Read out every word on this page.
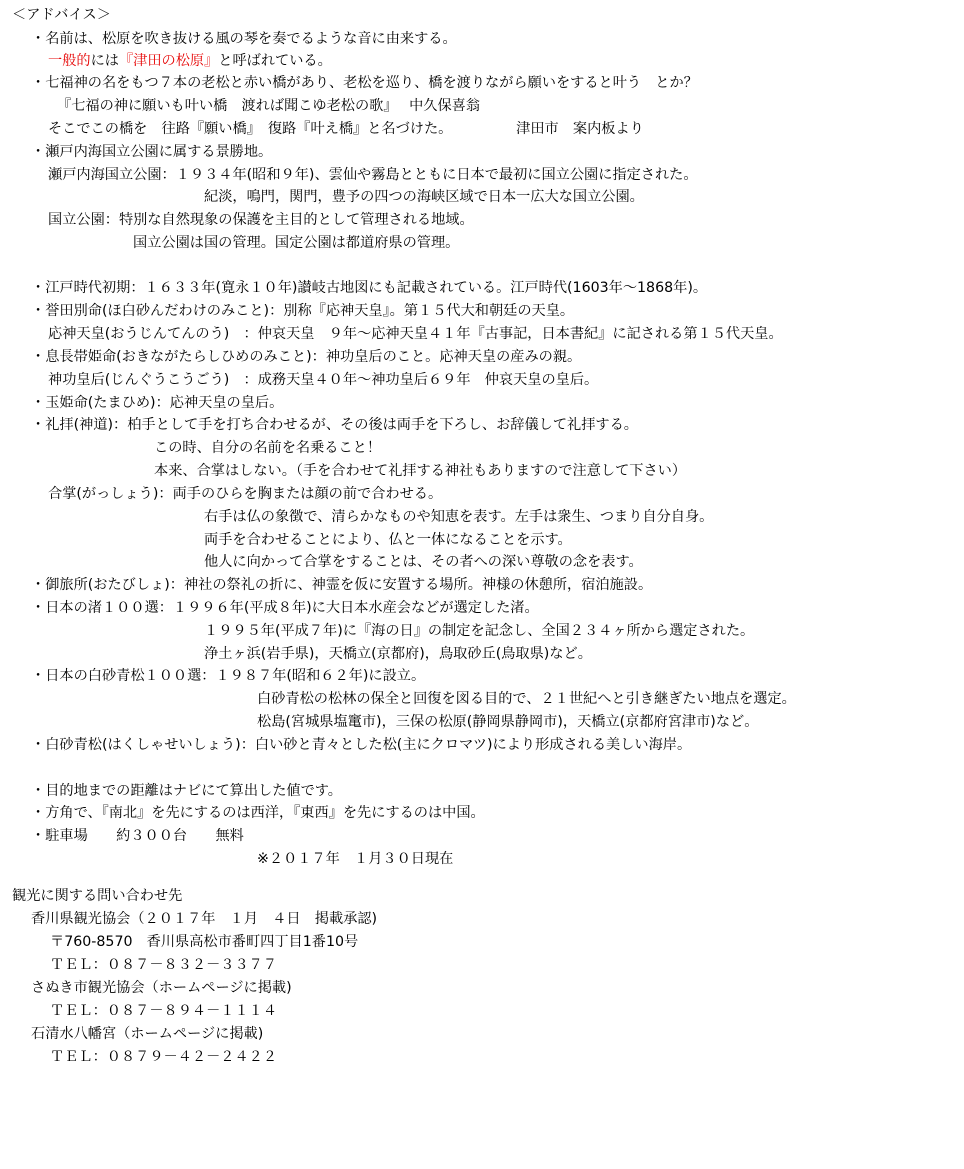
＜アドバイス＞
・名前は、松原を吹き抜ける風の琴を奏でるような音に由来する。
一般的には『津田の松原』と呼ばれている。
・七福神の名をもつ７本の老松と赤い橋があり、老松を巡り、橋を渡りながら願いをすると叶う　とか？
『七福の神に願いも叶い橋　渡れば聞こゆ老松の歌』　 中久保喜翁
そこでこの橋を　往路『願い橋』　復路『叶え橋』と名づけた。　　　　　津田市　案内板より
・瀬戸内海国立公園に属する景勝地。
瀬戸内海国立公園：１９３４年(昭和９年)、雲仙や霧島とともに日本で最初に国立公園に指定された。
紀淡，鳴門，関門，豊予の四つの海峡区域で日本一広大な国立公園。
国立公園：特別な自然現象の保護を主目的として管理される地域。
国立公園は国の管理。国定公園は都道府県の管理。
・江戸時代初期：１６３３年(寛永１０年)讃岐古地図にも記載されている。江戸時代(1603年～1868年)。
・誉田別命(ほ白砂んだわけのみこと)：別称『応神天皇』。第１５代大和朝廷の天皇。
応神天皇(おうじんてんのう)　：仲哀天皇　９年～応神天皇４１年『古事記，日本書紀』に記される第１５代天皇。
・息長帯姫命(おきながたらしひめのみこと)：神功皇后のこと。応神天皇の産みの親。
神功皇后(じんぐうこうごう)　：成務天皇４０年～神功皇后６９年　仲哀天皇の皇后。
・玉姫命(たまひめ)：応神天皇の皇后。
・礼拝(神道)：柏手として手を打ち合わせるが、その後は両手を下ろし、お辞儀して礼拝する。
この時、自分の名前を名乗ること！
本来、合掌はしない。（手を合わせて礼拝する神社もありますので注意して下さい）
合掌(がっしょう)：両手のひらを胸または顔の前で合わせる。
右手は仏の象徴で、清らかなものや知恵を表す。左手は衆生、つまり自分自身。
両手を合わせることにより、仏と一体になることを示す。
他人に向かって合掌をすることは、その者への深い尊敬の念を表す。
・御旅所(おたびしょ)：神社の祭礼の折に、神霊を仮に安置する場所。神様の休憩所，宿泊施設。
・日本の渚１００選：１９９６年(平成８年)に大日本水産会などが選定した渚。
１９９５年(平成７年)に『海の日』の制定を記念し、全国２３４ヶ所から選定された。
浄土ヶ浜(岩手県)，天橋立(京都府)，鳥取砂丘(鳥取県)など。
・日本の白砂青松１００選：１９８７年(昭和６２年)に設立。
白砂青松の松林の保全と回復を図る目的で、２１世紀へと引き継ぎたい地点を選定。
松島(宮城県塩竃市)，三保の松原(静岡県静岡市)，天橋立(京都府宮津市)など。
・白砂青松(はくしゃせいしょう)：白い砂と青々とした松(主にクロマツ)により形成される美しい海岸。
・目的地までの距離はナビにて算出した値です。
・方角で、『南北』を先にするのは西洋，『東西』を先にするのは中国。
・駐車場　　約３００台　　無料
※２０１７年　１月３０日現在
観光に関する問い合わせ先
香川県観光協会（２０１７年　１月　４日　掲載承認)
〒760-8570　香川県高松市番町四丁目1番10号
ＴＥＬ：０８７－８３２－３３７７
さぬき市観光協会（ホームページに掲載)
ＴＥＬ：０８７－８９４－１１１４
石清水八幡宮（ホームページに掲載)
ＴＥＬ：０８７９－４２－２４２２
